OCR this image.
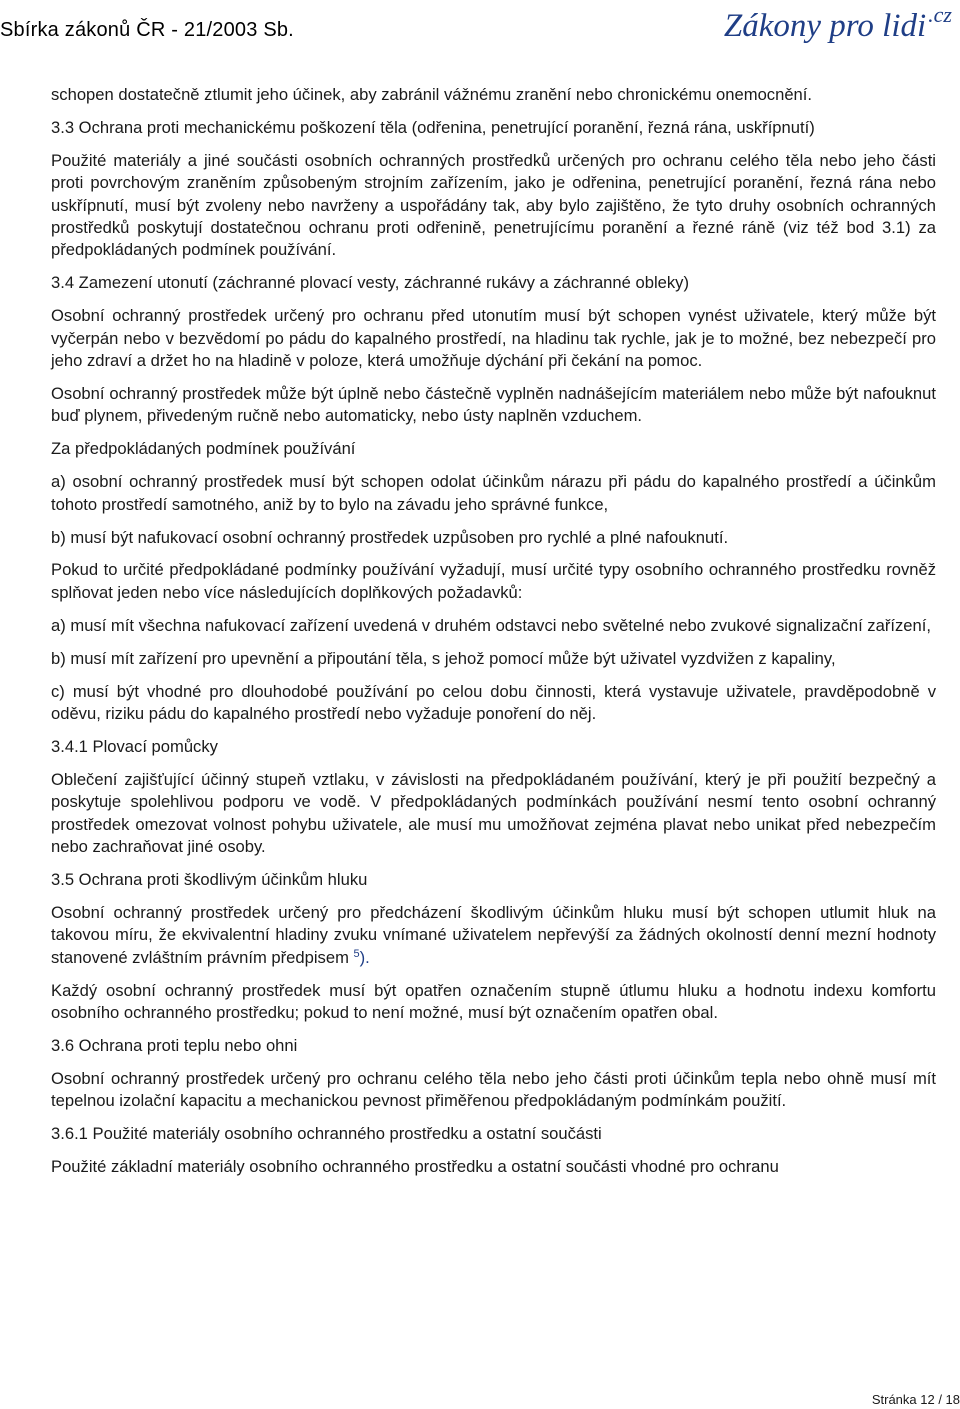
Sbírka zákonů ČR - 21/2003 Sb.	Zákony pro lidi$^{.cz}$

schopen dostatečně ztlumit jeho účinek, aby zabránil vážnému zranění nebo chronickému onemocnění.

3.3 Ochrana proti mechanickému poškození těla (odřenina, penetrující poranění, řezná rána, uskřípnutí)

Použité materiály a jiné součásti osobních ochranných prostředků určených pro ochranu celého těla nebo jeho části proti povrchovým zraněním způsobeným strojním zařízením, jako je odřenina, penetrující poranění, řezná rána nebo uskřípnutí, musí být zvoleny nebo navrženy a uspořádány tak, aby bylo zajištěno, že tyto druhy osobních ochranných prostředků poskytují dostatečnou ochranu proti odřenině, penetrujícímu poranění a řezné ráně (viz též bod 3.1) za předpokládaných podmínek používání.

3.4 Zamezení utonutí (záchranné plovací vesty, záchranné rukávy a záchranné obleky)

Osobní ochranný prostředek určený pro ochranu před utonutím musí být schopen vynést uživatele, který může být vyčerpán nebo v bezvědomí po pádu do kapalného prostředí, na hladinu tak rychle, jak je to možné, bez nebezpečí pro jeho zdraví a držet ho na hladině v poloze, která umožňuje dýchání při čekání na pomoc.

Osobní ochranný prostředek může být úplně nebo částečně vyplněn nadnášejícím materiálem nebo může být nafouknut buď plynem, přivedeným ručně nebo automaticky, nebo ústy naplněn vzduchem.

Za předpokládaných podmínek používání

a) osobní ochranný prostředek musí být schopen odolat účinkům nárazu při pádu do kapalného prostředí a účinkům tohoto prostředí samotného, aniž by to bylo na závadu jeho správné funkce,

b) musí být nafukovací osobní ochranný prostředek uzpůsoben pro rychlé a plné nafouknutí.

Pokud to určité předpokládané podmínky používání vyžadují, musí určité typy osobního ochranného prostředku rovněž splňovat jeden nebo více následujících doplňkových požadavků:

a) musí mít všechna nafukovací zařízení uvedená v druhém odstavci nebo světelné nebo zvukové signalizační zařízení,

b) musí mít zařízení pro upevnění a připoutání těla, s jehož pomocí může být uživatel vyzdvižen z kapaliny,

c) musí být vhodné pro dlouhodobé používání po celou dobu činnosti, která vystavuje uživatele, pravděpodobně v oděvu, riziku pádu do kapalného prostředí nebo vyžaduje ponoření do něj.

3.4.1 Plovací pomůcky

Oblečení zajišťující účinný stupeň vztlaku, v závislosti na předpokládaném používání, který je při použití bezpečný a poskytuje spolehlivou podporu ve vodě. V předpokládaných podmínkách používání nesmí tento osobní ochranný prostředek omezovat volnost pohybu uživatele, ale musí mu umožňovat zejména plavat nebo unikat před nebezpečím nebo zachraňovat jiné osoby.

3.5 Ochrana proti škodlivým účinkům hluku

Osobní ochranný prostředek určený pro předcházení škodlivým účinkům hluku musí být schopen utlumit hluk na takovou míru, že ekvivalentní hladiny zvuku vnímané uživatelem nepřevýší za žádných okolností denní mezní hodnoty stanovené zvláštním právním předpisem $^5$).

Každý osobní ochranný prostředek musí být opatřen označením stupně útlumu hluku a hodnotu indexu komfortu osobního ochranného prostředku; pokud to není možné, musí být označením opatřen obal.

3.6 Ochrana proti teplu nebo ohni

Osobní ochranný prostředek určený pro ochranu celého těla nebo jeho části proti účinkům tepla nebo ohně musí mít tepelnou izolační kapacitu a mechanickou pevnost přiměřenou předpokládaným podmínkám použití.

3.6.1 Použité materiály osobního ochranného prostředku a ostatní součásti

Použité základní materiály osobního ochranného prostředku a ostatní součásti vhodné pro ochranu

Stránka 12 / 18
